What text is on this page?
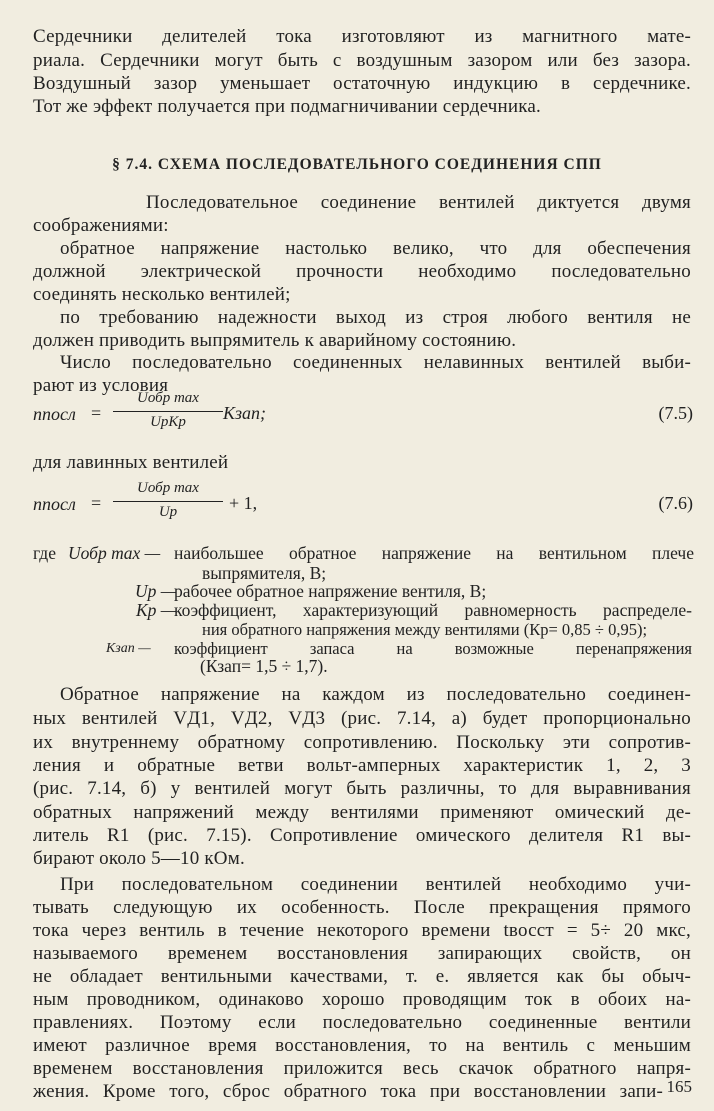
Сердечники делителей тока изготовляют из магнитного мате-
риала. Сердечники могут быть с воздушным зазором или без зазора.
Воздушный зазор уменьшает остаточную индукцию в сердечнике.
Тот же эффект получается при подмагничивании сердечника.
§ 7.4. СХЕМА ПОСЛЕДОВАТЕЛЬНОГО СОЕДИНЕНИЯ СПП
Последовательное соединение вентилей диктуется двумя
соображениями:
обратное напряжение настолько велико, что для обеспечения
должной электрической прочности необходимо последовательно
соединять несколько вентилей;
по требованию надежности выход из строя любого вентиля не
должен приводить выпрямитель к аварийному состоянию.
Число последовательно соединенных нелавинных вентилей выби-
рают из условия
nпосл =
Uобр max
UpКp	Кзап;	(7.5)
для лавинных вентилей
nпосл =
Uобр max
Up	+ 1,	(7.6)
где Uобр max — наибольшее обратное напряжение на вентильном плече
выпрямителя, В;
Up —
рабочее обратное напряжение вентиля, В;
Кp —
коэффициент, характеризующий равномерность распределе-
ния обратного напряжения между вентилями (Кp= 0,85 ÷ 0,95);
Кзап — коэффициент запаса на возможные перенапряжения
(Кзап= 1,5 ÷ 1,7).
Обратное напряжение на каждом из последовательно соединен-
ных вентилей VД1, VД2, VД3 (рис. 7.14, а) будет пропорционально
их внутреннему обратному сопротивлению. Поскольку эти сопротив-
ления и обратные ветви вольт-амперных характеристик 1, 2, 3
(рис. 7.14, б) у вентилей могут быть различны, то для выравнивания
обратных напряжений между вентилями применяют омический де-
литель R1 (рис. 7.15). Сопротивление омического делителя R1 вы-
бирают около 5—10 кОм.
При последовательном соединении вентилей необходимо учи-
тывать следующую их особенность. После прекращения прямого
тока через вентиль в течение некоторого времени tвосст = 5÷ 20 мкс,
называемого временем восстановления запирающих свойств, он
не обладает вентильными качествами, т. е. является как бы обыч-
ным проводником, одинаково хорошо проводящим ток в обоих на-
правлениях. Поэтому если последовательно соединенные вентили
имеют различное время восстановления, то на вентиль с меньшим
временем восстановления приложится весь скачок обратного напря-
жения. Кроме того, сброс обратного тока при восстановлении запи- 165
